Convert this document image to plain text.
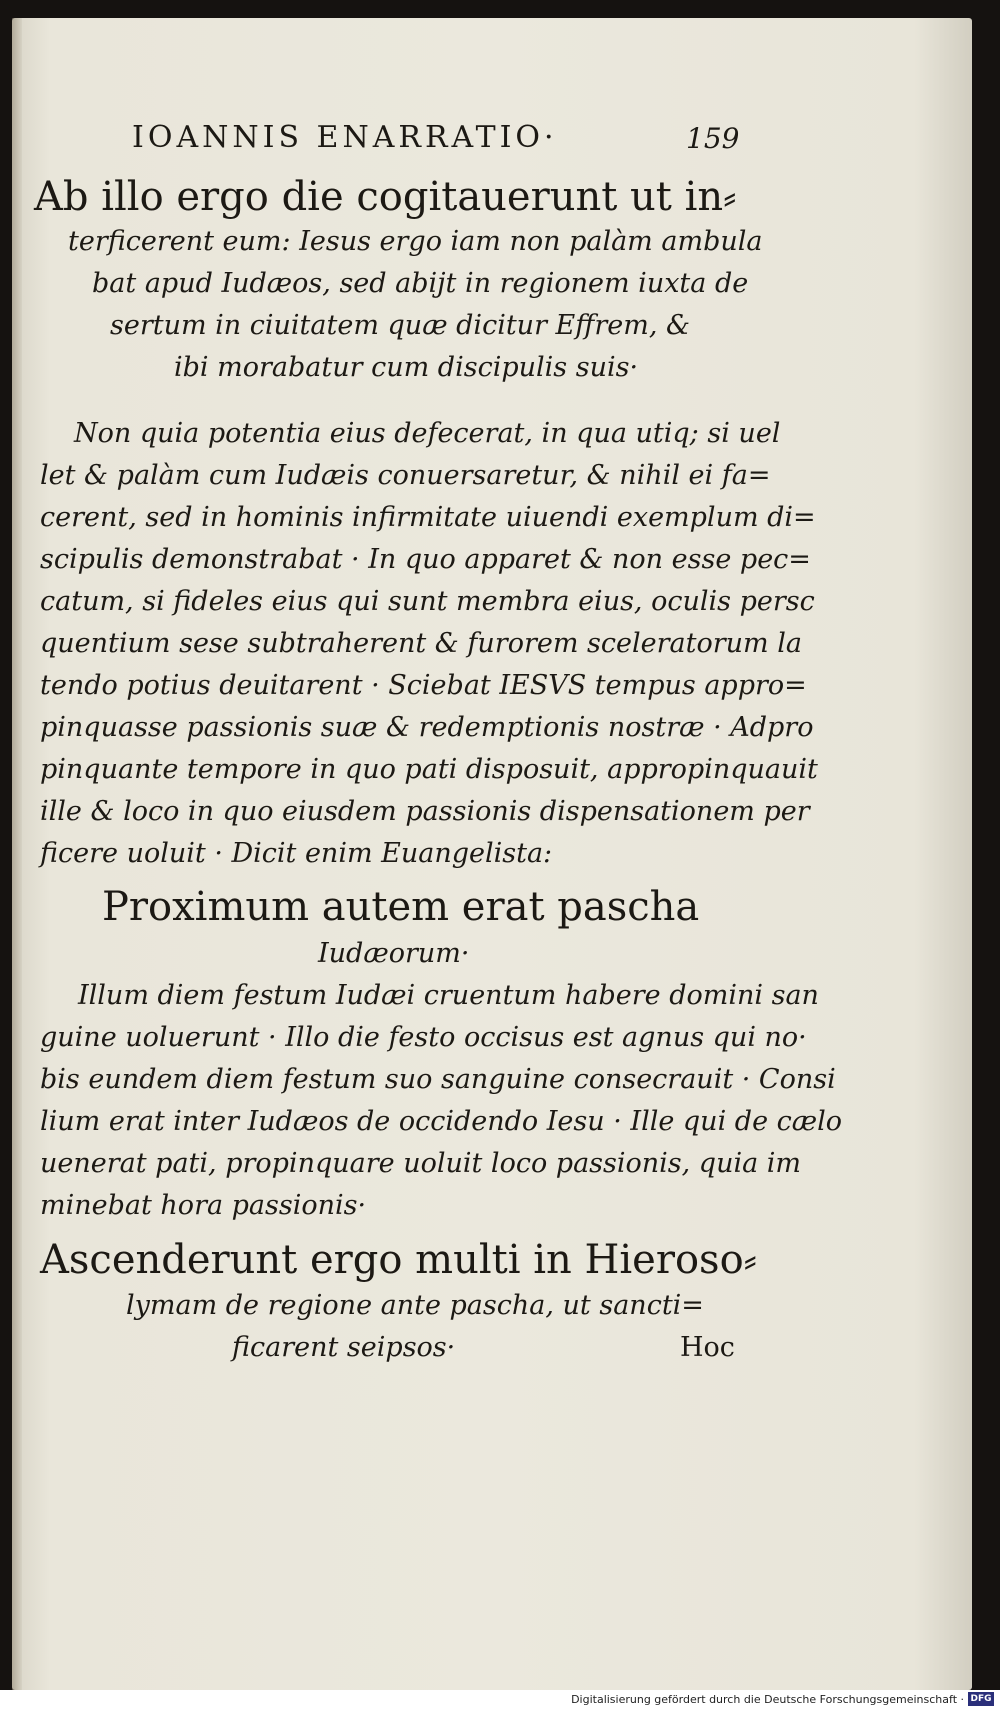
IOANNIS ENARRATIO·	159
Ab illo ergo die cogitauerunt ut in⸗
terficerent eum: Iesus ergo iam non palàm ambula
bat apud Iudæos, sed abijt in regionem iuxta de
sertum in ciuitatem quæ dicitur Effrem, &
ibi morabatur cum discipulis suis·
Non quia potentia eius defecerat, in qua utiq; si uel
let & palàm cum Iudæis conuersaretur, & nihil ei fa=
cerent, sed in hominis infirmitate uiuendi exemplum di=
scipulis demonstrabat · In quo apparet & non esse pec=
catum, si fideles eius qui sunt membra eius, oculis persc
quentium sese subtraherent & furorem sceleratorum la
tendo potius deuitarent · Sciebat IESVS tempus appro=
pinquasse passionis suæ & redemptionis nostræ · Adpro
pinquante tempore in quo pati disposuit, appropinquauit
ille & loco in quo eiusdem passionis dispensationem per
ficere uoluit · Dicit enim Euangelista:
Proximum autem erat pascha
Iudæorum·
Illum diem festum Iudæi cruentum habere domini san
guine uoluerunt · Illo die festo occisus est agnus qui no·
bis eundem diem festum suo sanguine consecrauit · Consi
lium erat inter Iudæos de occidendo Iesu · Ille qui de cælo
uenerat pati, propinquare uoluit loco passionis, quia im
minebat hora passionis·
Ascenderunt ergo multi in Hieroso⸗
lymam de regione ante pascha, ut sancti=
ficarent seipsos·	Hoc
Digitalisierung gefördert durch die Deutsche Forschungsgemeinschaft · DFG
